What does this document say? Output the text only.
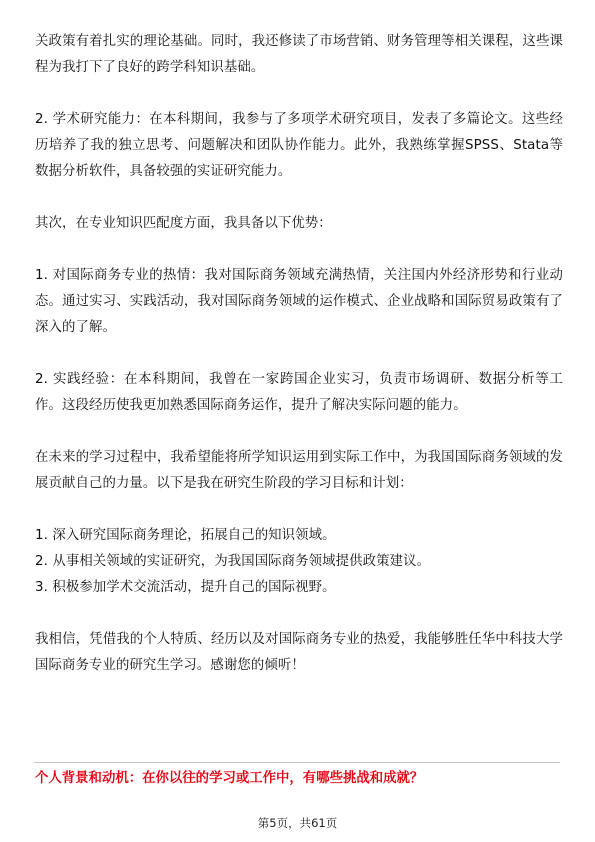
关政策有着扎实的理论基础。同时，我还修读了市场营销、财务管理等相关课程，这些课程为我打下了良好的跨学科知识基础。

2. 学术研究能力：在本科期间，我参与了多项学术研究项目，发表了多篇论文。这些经历培养了我的独立思考、问题解决和团队协作能力。此外，我熟练掌握SPSS、Stata等数据分析软件，具备较强的实证研究能力。

其次，在专业知识匹配度方面，我具备以下优势：

1. 对国际商务专业的热情：我对国际商务领域充满热情，关注国内外经济形势和行业动态。通过实习、实践活动，我对国际商务领域的运作模式、企业战略和国际贸易政策有了深入的了解。

2. 实践经验：在本科期间，我曾在一家跨国企业实习，负责市场调研、数据分析等工作。这段经历使我更加熟悉国际商务运作，提升了解决实际问题的能力。

在未来的学习过程中，我希望能将所学知识运用到实际工作中，为我国国际商务领域的发展贡献自己的力量。以下是我在研究生阶段的学习目标和计划：

1. 深入研究国际商务理论，拓展自己的知识领域。

2. 从事相关领域的实证研究，为我国国际商务领域提供政策建议。

3. 积极参加学术交流活动，提升自己的国际视野。

我相信，凭借我的个人特质、经历以及对国际商务专业的热爱，我能够胜任华中科技大学国际商务专业的研究生学习。感谢您的倾听！

个人背景和动机：在你以往的学习或工作中，有哪些挑战和成就？

第5页，共61页
